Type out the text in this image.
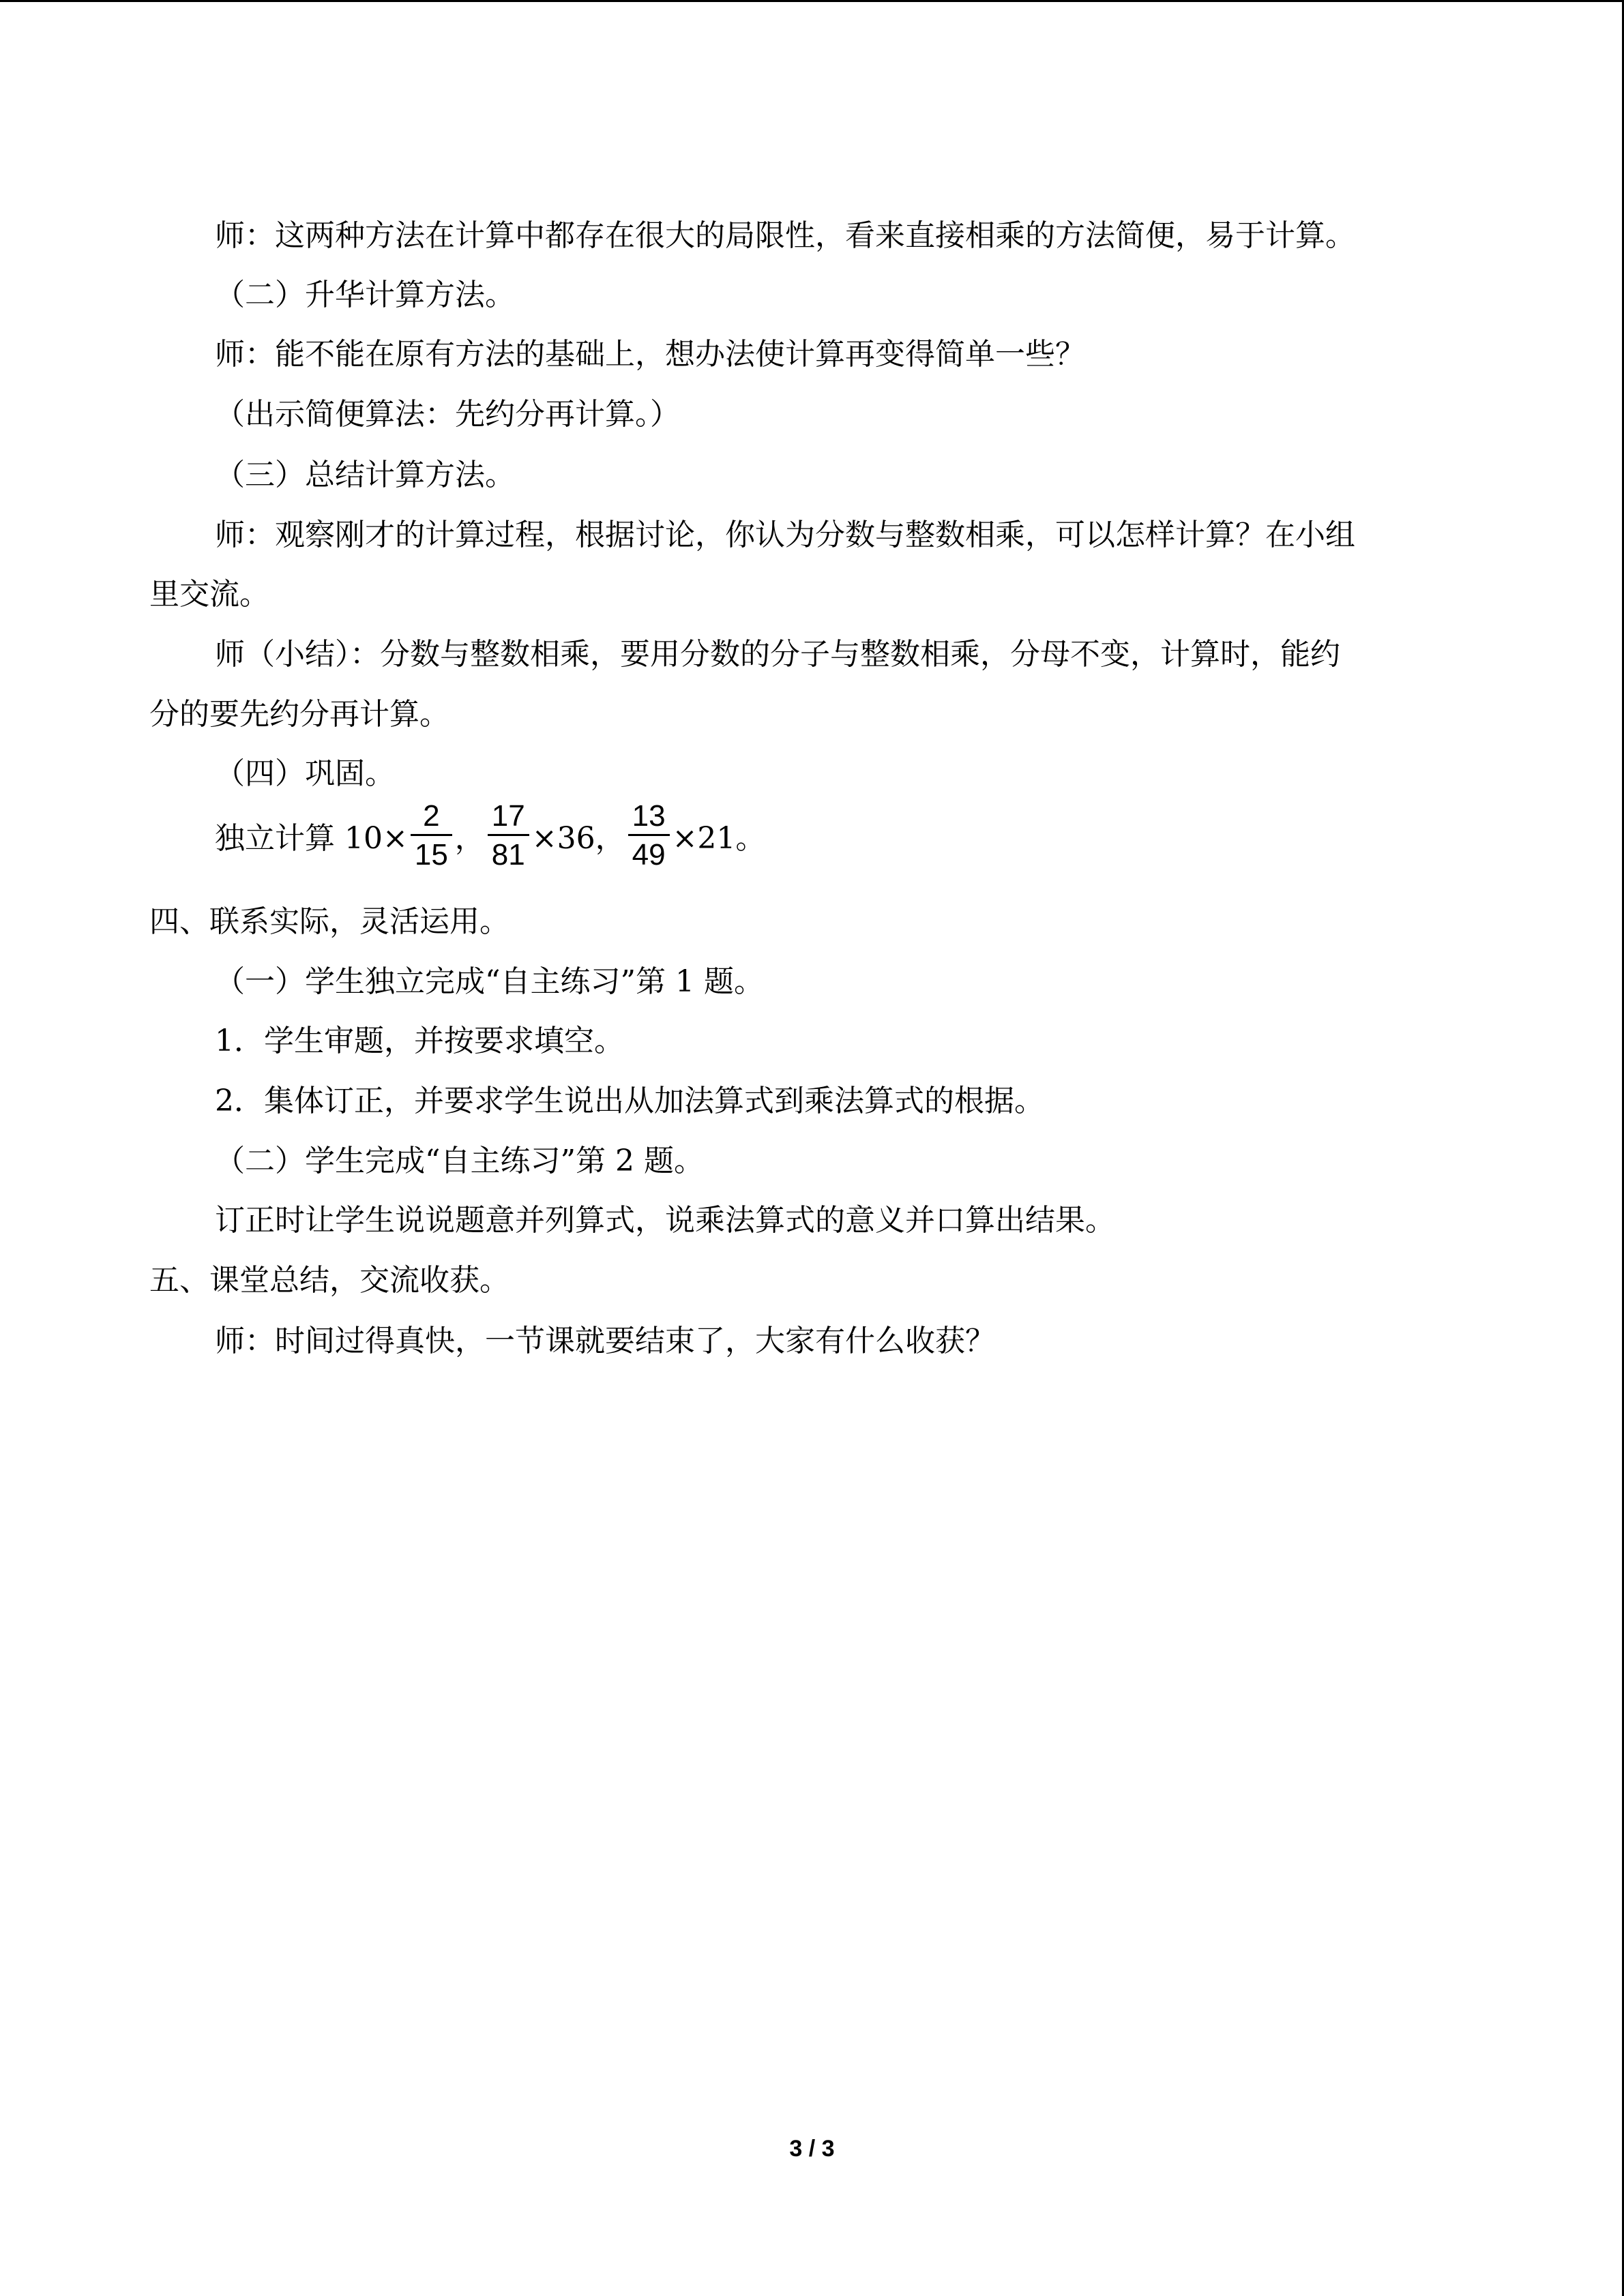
师：这两种方法在计算中都存在很大的局限性，看来直接相乘的方法简便，易于计算。
（二）升华计算方法。
师：能不能在原有方法的基础上，想办法使计算再变得简单一些？
（出示简便算法：先约分再计算。）
（三）总结计算方法。
师：观察刚才的计算过程，根据讨论，你认为分数与整数相乘，可以怎样计算？在小组
里交流。
师（小结）：分数与整数相乘，要用分数的分子与整数相乘，分母不变，计算时，能约
分的要先约分再计算。
（四）巩固。
独立计算 $10\times \frac{2}{15}$ ， $\frac{17}{81} \times 36$， $\frac{13}{49} \times 21$。
四、联系实际，灵活运用。
（一）学生独立完成“自主练习”第 1 题。
1．学生审题，并按要求填空。
2．集体订正，并要求学生说出从加法算式到乘法算式的根据。
（二）学生完成“自主练习”第 2 题。
订正时让学生说说题意并列算式，说乘法算式的意义并口算出结果。
五、课堂总结，交流收获。
师：时间过得真快，一节课就要结束了，大家有什么收获？
3 / 3
